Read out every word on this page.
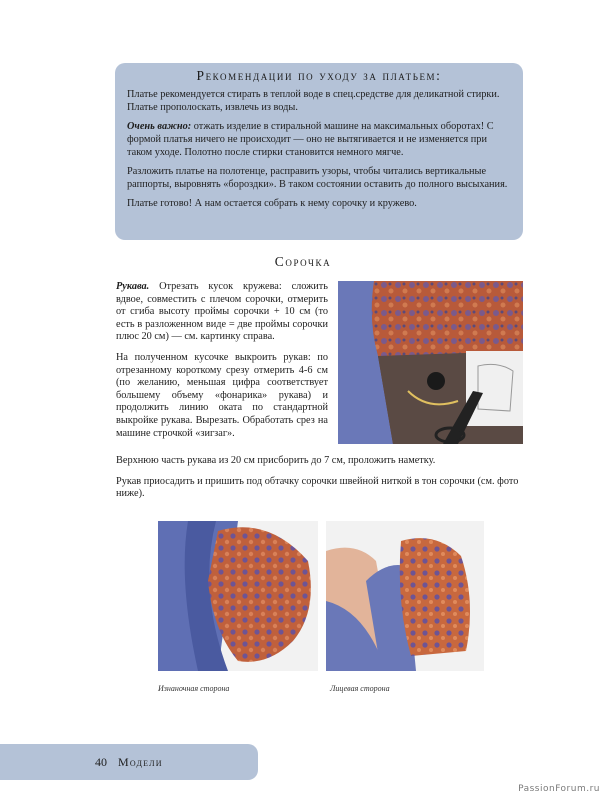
Рекомендации по уходу за платьем:

Платье рекомендуется стирать в теплой воде в спец.средстве для деликатной стирки. Платье прополоскать, извлечь из воды.

Очень важно: отжать изделие в стиральной машине на максимальных оборотах! С формой платья ничего не происходит — оно не вытягивается и не изменяется при таком уходе. Полотно после стирки становится немного мягче.

Разложить платье на полотенце, расправить узоры, чтобы читались вертикальные раппорты, выровнять «бороздки». В таком состоянии оставить до полного высыхания.

Платье готово! А нам остается собрать к нему сорочку и кружево.

Сорочка

Рукава. Отрезать кусок кружева: сложить вдвое, совместить с плечом сорочки, отмерить от сгиба высоту проймы сорочки + 10 см (то есть в разложенном виде = две проймы сорочки плюс 20 см) — см. картинку справа.

На полученном кусочке выкроить рукав: по отрезанному короткому срезу отмерить 4-6 см (по желанию, меньшая цифра соответствует большему объему «фонарика» рукава) и продолжить линию оката по стандартной выкройке рукава. Вырезать. Обработать срез на машине строчкой «зигзаг».

Верхнюю часть рукава из 20 см присборить до 7 см, проложить наметку.

Рукав приосадить и пришить под обтачку сорочки швейной ниткой в тон сорочки (см. фото ниже).

Изнаночная сторона	Лицевая сторона
40 Модели
PassionForum.ru
